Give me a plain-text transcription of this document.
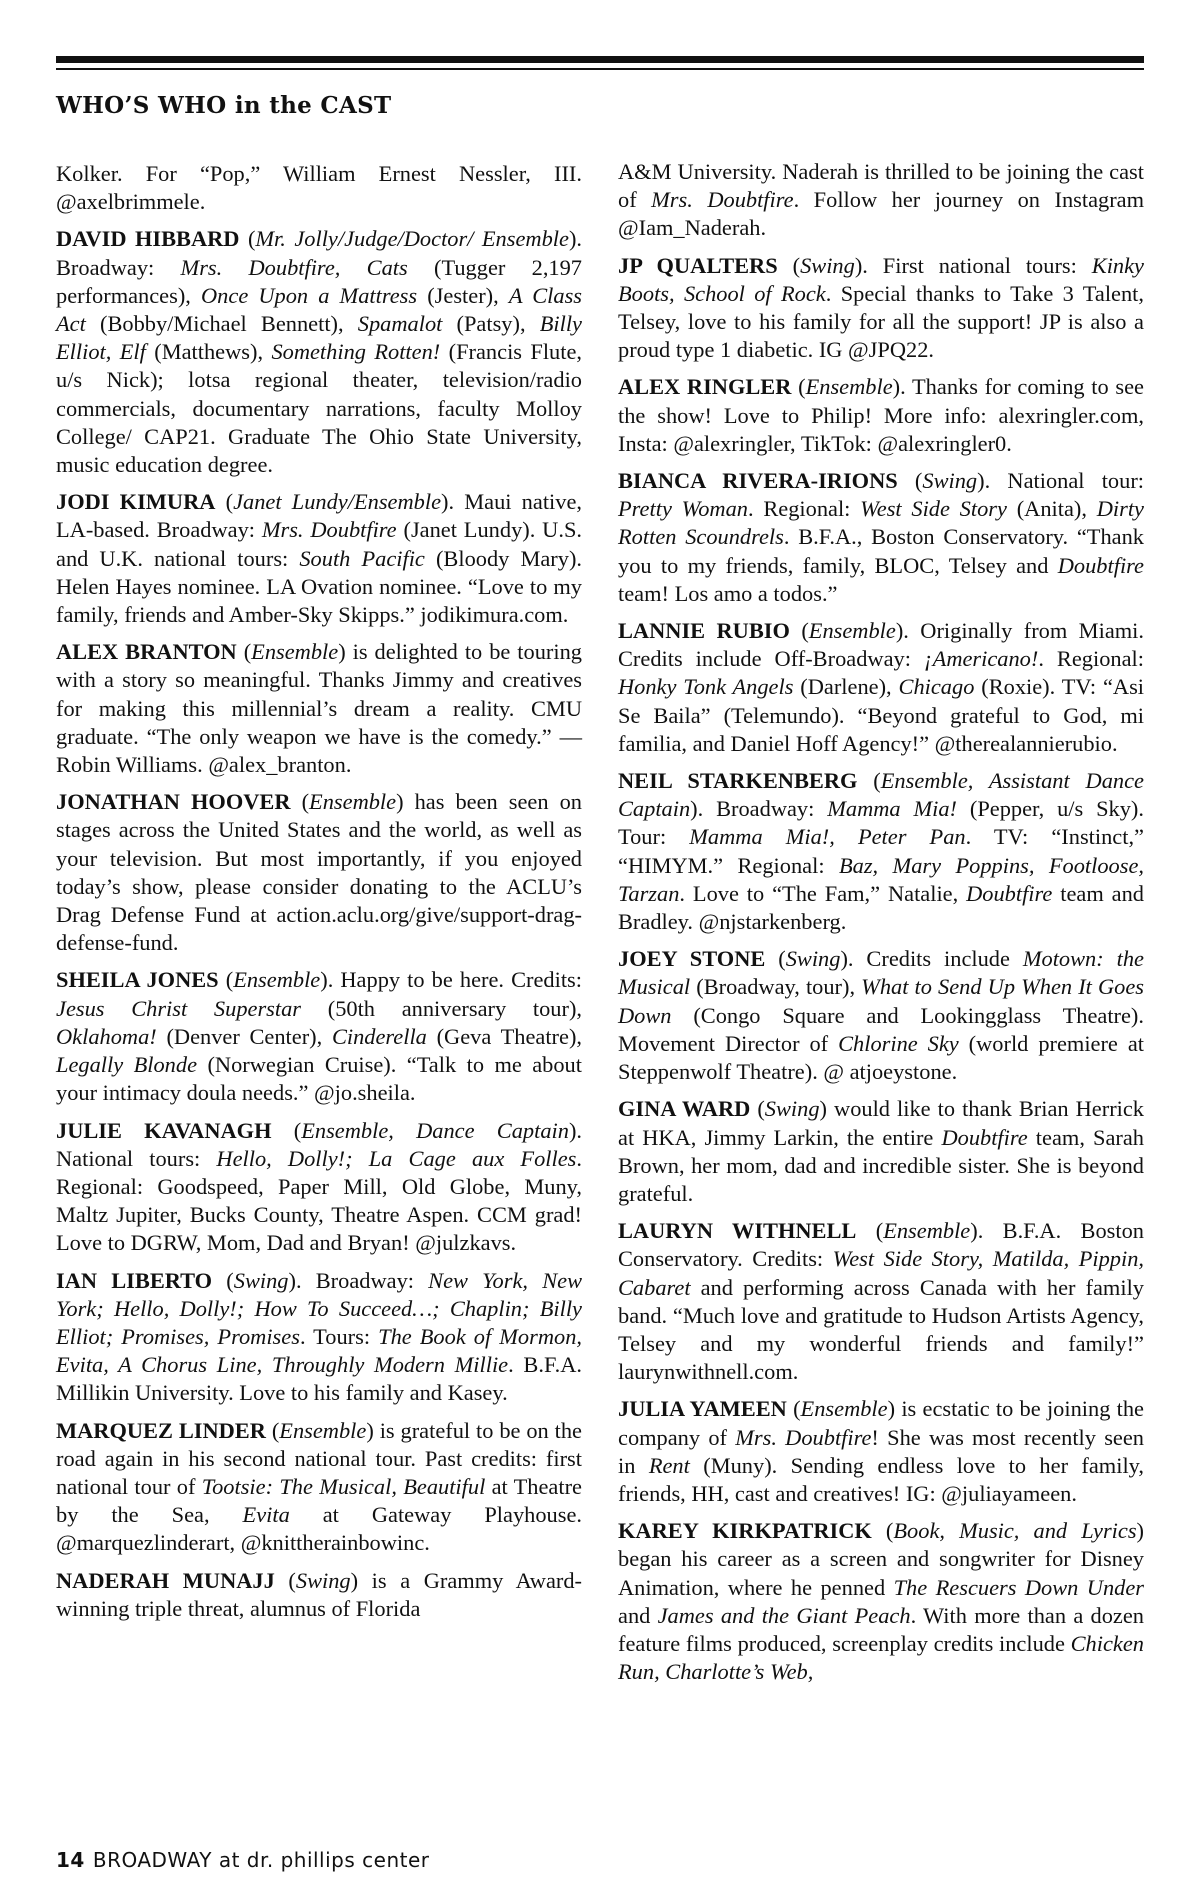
WHO’S WHO in the CAST

Kolker. For “Pop,” William Ernest Nessler, III. @axelbrimmele.

DAVID HIBBARD (Mr. Jolly/Judge/Doctor/ Ensemble). Broadway: Mrs. Doubtfire, Cats (Tugger 2,197 performances), Once Upon a Mattress (Jester), A Class Act (Bobby/Michael Bennett), Spamalot (Patsy), Billy Elliot, Elf (Matthews), Something Rotten! (Francis Flute, u/s Nick); lotsa regional theater, television/radio commercials, documentary narrations, faculty Molloy College/ CAP21. Graduate The Ohio State University, music education degree.

JODI KIMURA (Janet Lundy/Ensemble). Maui native, LA-based. Broadway: Mrs. Doubtfire (Janet Lundy). U.S. and U.K. national tours: South Pacific (Bloody Mary). Helen Hayes nominee. LA Ovation nominee. “Love to my family, friends and Amber-Sky Skipps.” jodikimura.com.

ALEX BRANTON (Ensemble) is delighted to be touring with a story so meaningful. Thanks Jimmy and creatives for making this millennial’s dream a reality. CMU graduate. “The only weapon we have is the comedy.” —Robin Williams. @alex_branton.

JONATHAN HOOVER (Ensemble) has been seen on stages across the United States and the world, as well as your television. But most importantly, if you enjoyed today’s show, please consider donating to the ACLU’s Drag Defense Fund at action.aclu.org/give/support-drag-defense-fund.

SHEILA JONES (Ensemble). Happy to be here. Credits: Jesus Christ Superstar (50th anniversary tour), Oklahoma! (Denver Center), Cinderella (Geva Theatre), Legally Blonde (Norwegian Cruise). “Talk to me about your intimacy doula needs.” @jo.sheila.

JULIE KAVANAGH (Ensemble, Dance Captain). National tours: Hello, Dolly!; La Cage aux Folles. Regional: Goodspeed, Paper Mill, Old Globe, Muny, Maltz Jupiter, Bucks County, Theatre Aspen. CCM grad! Love to DGRW, Mom, Dad and Bryan! @julzkavs.

IAN LIBERTO (Swing). Broadway: New York, New York; Hello, Dolly!; How To Succeed…; Chaplin; Billy Elliot; Promises, Promises. Tours: The Book of Mormon, Evita, A Chorus Line, Throughly Modern Millie. B.F.A. Millikin University. Love to his family and Kasey.

MARQUEZ LINDER (Ensemble) is grateful to be on the road again in his second national tour. Past credits: first national tour of Tootsie: The Musical, Beautiful at Theatre by the Sea, Evita at Gateway Playhouse. @marquezlinderart, @knittherainbowinc.

NADERAH MUNAJJ (Swing) is a Grammy Award-winning triple threat, alumnus of Florida

A&M University. Naderah is thrilled to be joining the cast of Mrs. Doubtfire. Follow her journey on Instagram @Iam_Naderah.

JP QUALTERS (Swing). First national tours: Kinky Boots, School of Rock. Special thanks to Take 3 Talent, Telsey, love to his family for all the support! JP is also a proud type 1 diabetic. IG @JPQ22.

ALEX RINGLER (Ensemble). Thanks for coming to see the show! Love to Philip! More info: alexringler.com, Insta: @alexringler, TikTok: @alexringler0.

BIANCA RIVERA-IRIONS (Swing). National tour: Pretty Woman. Regional: West Side Story (Anita), Dirty Rotten Scoundrels. B.F.A., Boston Conservatory. “Thank you to my friends, family, BLOC, Telsey and Doubtfire team! Los amo a todos.”

LANNIE RUBIO (Ensemble). Originally from Miami. Credits include Off-Broadway: ¡Americano!. Regional: Honky Tonk Angels (Darlene), Chicago (Roxie). TV: “Asi Se Baila” (Telemundo). “Beyond grateful to God, mi familia, and Daniel Hoff Agency!” @therealannierubio.

NEIL STARKENBERG (Ensemble, Assistant Dance Captain). Broadway: Mamma Mia! (Pepper, u/s Sky). Tour: Mamma Mia!, Peter Pan. TV: “Instinct,” “HIMYM.” Regional: Baz, Mary Poppins, Footloose, Tarzan. Love to “The Fam,” Natalie, Doubtfire team and Bradley. @njstarkenberg.

JOEY STONE (Swing). Credits include Motown: the Musical (Broadway, tour), What to Send Up When It Goes Down (Congo Square and Lookingglass Theatre). Movement Director of Chlorine Sky (world premiere at Steppenwolf Theatre). @ atjoeystone.

GINA WARD (Swing) would like to thank Brian Herrick at HKA, Jimmy Larkin, the entire Doubtfire team, Sarah Brown, her mom, dad and incredible sister. She is beyond grateful.

LAURYN WITHNELL (Ensemble). B.F.A. Boston Conservatory. Credits: West Side Story, Matilda, Pippin, Cabaret and performing across Canada with her family band. “Much love and gratitude to Hudson Artists Agency, Telsey and my wonderful friends and family!” laurynwithnell.com.

JULIA YAMEEN (Ensemble) is ecstatic to be joining the company of Mrs. Doubtfire! She was most recently seen in Rent (Muny). Sending endless love to her family, friends, HH, cast and creatives! IG: @juliayameen.

KAREY KIRKPATRICK (Book, Music, and Lyrics) began his career as a screen and songwriter for Disney Animation, where he penned The Rescuers Down Under and James and the Giant Peach. With more than a dozen feature films produced, screenplay credits include Chicken Run, Charlotte’s Web,

14 BROADWAY at dr. phillips center
